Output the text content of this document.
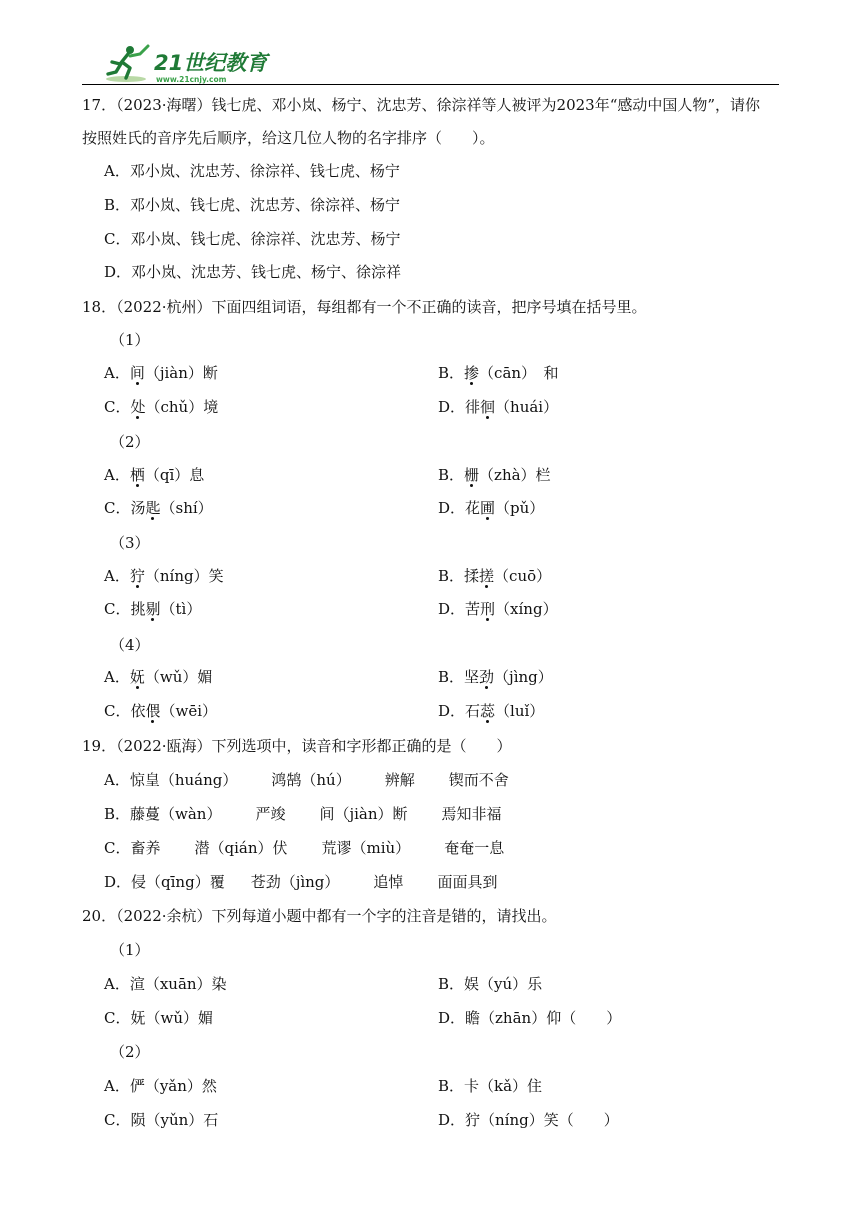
21世纪教育
www.21cnjy.com
17．（2023·海曙）钱七虎、邓小岚、杨宁、沈忠芳、徐淙祥等人被评为2023年“感动中国人物”，请你
按照姓氏的音序先后顺序，给这几位人物的名字排序（　　）。
A．邓小岚、沈忠芳、徐淙祥、钱七虎、杨宁
B．邓小岚、钱七虎、沈忠芳、徐淙祥、杨宁
C．邓小岚、钱七虎、徐淙祥、沈忠芳、杨宁
D．邓小岚、沈忠芳、钱七虎、杨宁、徐淙祥
18．（2022·杭州）下面四组词语，每组都有一个不正确的读音，把序号填在括号里。
（1）
A．间（jiàn）断	B．掺（cān）　和
C．处（chǔ）境	D．徘徊（huái）
（2）
A．栖（qī）息	B．栅（zhà）栏
C．汤匙（shí）	D．花圃（pǔ）
（3）
A．狞（níng）笑	B．揉搓（cuō）
C．挑剔（tì）	D．苦刑（xíng）
（4）
A．妩（wǔ）媚	B．坚劲（jìng）
C．依偎（wēi）	D．石蕊（luǐ）
19．（2022·瓯海）下列选项中，读音和字形都正确的是（　　）
A．惊皇（huáng） 鸿鹄（hú） 辨解 锲而不舍
B．藤蔓（wàn） 严竣 间（jiàn）断 焉知非福
C．畜养 潜（qián）伏 荒谬（miù） 奄奄一息
D．侵（qīng）覆 苍劲（jìng） 追悼 面面具到
20．（2022·余杭）下列每道小题中都有一个字的注音是错的，请找出。
（1）
A．渲（xuān）染	B．娱（yú）乐
C．妩（wǔ）媚	D．瞻（zhān）仰（　　）
（2）
A．俨（yǎn）然	B．卡（kǎ）住
C．陨（yǔn）石	D．狞（níng）笑（　　）
